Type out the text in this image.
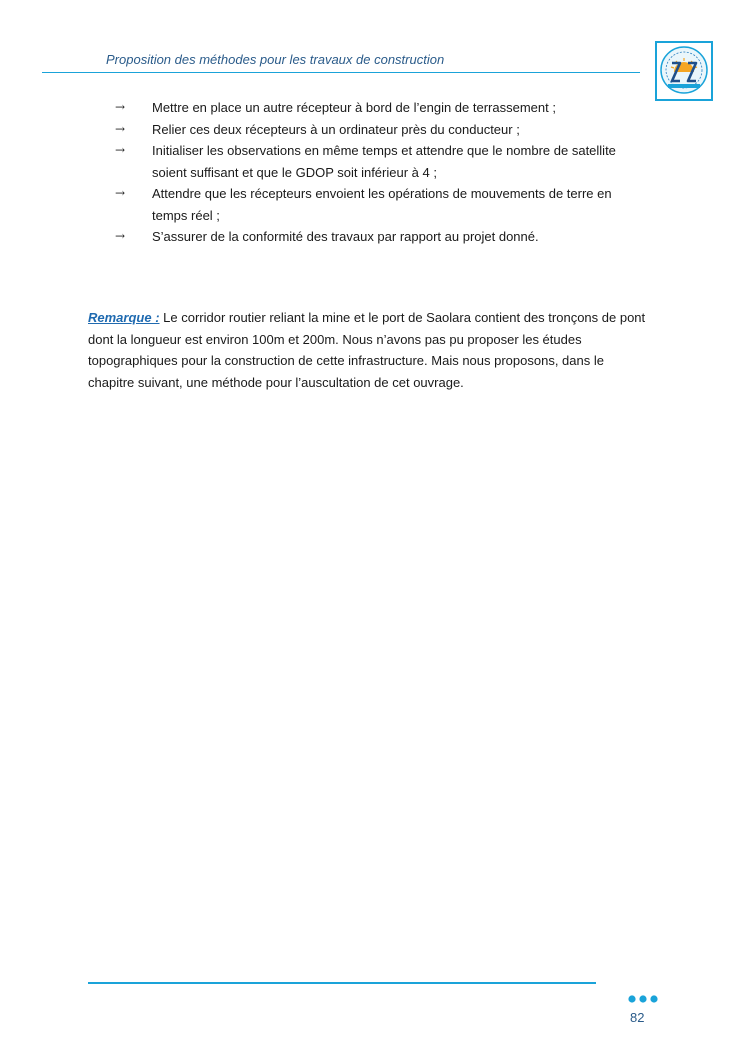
Proposition des méthodes pour les travaux de construction
→	Mettre en place un autre récepteur à bord de l’engin de terrassement ;
→	Relier ces deux récepteurs à un ordinateur près du conducteur ;
→	Initialiser les observations en même temps et attendre que le nombre de satellite soient suffisant et que le GDOP soit inférieur à 4 ;
→	Attendre que les récepteurs envoient les opérations de mouvements de terre en temps réel ;
→	S’assurer de la conformité des travaux par rapport au projet donné.

Remarque : Le corridor routier reliant la mine et le port de Saolara contient des tronçons de pont dont la longueur est environ 100m et 200m. Nous n’avons pas pu proposer les études topographiques pour la construction de cette infrastructure. Mais nous proposons, dans le chapitre suivant, une méthode pour l’auscultation de cet ouvrage.

82
